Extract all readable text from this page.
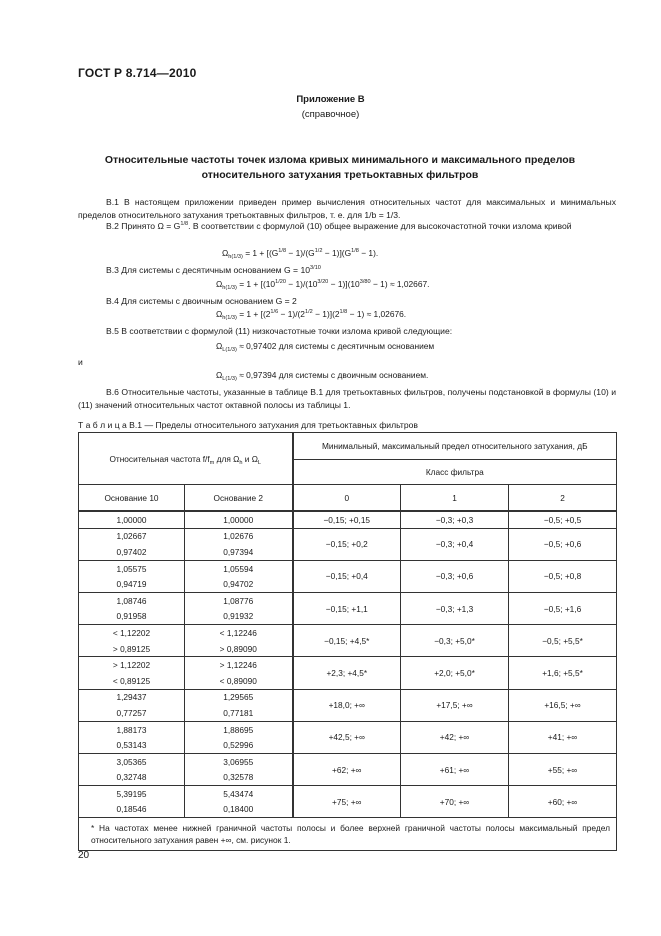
ГОСТ Р 8.714—2010
Приложение В
(справочное)
Относительные частоты точек излома кривых минимального и максимального пределов
относительного затухания третьоктавных фильтров
В.1 В настоящем приложении приведен пример вычисления относительных частот для максимальных и минимальных пределов относительного затухания третьоктавных фильтров, т. е. для 1/b = 1/3.
В.2 Принято $\Omega = G^{1/8}$. В соответствии с формулой (10) общее выражение для высокочастотной точки излома кривой
$\Omega_{h(1/3)} = 1 + [(G^{1/8} - 1)/(G^{1/2} - 1)](G^{1/8} - 1)$.
В.3 Для системы с десятичным основанием $G = 10^{3/10}$
$\Omega_{h(1/3)} = 1 + [(10^{1/20} - 1)/(10^{3/20} - 1)](10^{3/80} - 1) \approx 1,02667$.
В.4 Для системы с двоичным основанием G = 2
$\Omega_{h(1/3)} = 1 + [(2^{1/6} - 1)/(2^{1/2} - 1)](2^{1/8} - 1) \approx 1,02676$.
В.5 В соответствии с формулой (11) низкочастотные точки излома кривой следующие:
$\Omega_{L(1/3)} \approx 0,97402$ для системы с десятичным основанием
и
$\Omega_{L(1/3)} \approx 0,97394$ для системы с двоичным основанием.
В.6 Относительные частоты, указанные в таблице В.1 для третьоктавных фильтров, получены подстановкой в формулы (10) и (11) значений относительных частот октавной полосы из таблицы 1.
Т а б л и ц а В.1 — Пределы относительного затухания для третьоктавных фильтров
Относительная частота $f/f_m$ для $\Omega_h$ и $\Omega_L$		Минимальный, максимальный предел относительного затухания, дБ		
		Класс фильтра		
Основание 10	Основание 2	0	1	2
1,00000	1,00000	−0,15; +0,15	−0,3; +0,3	−0,5; +0,5
1,02667	1,02676	−0,15; +0,2	−0,3; +0,4	−0,5; +0,6
0,97402	0,97394			
1,05575	1,05594	−0,15; +0,4	−0,3; +0,6	−0,5; +0,8
0,94719	0,94702			
1,08746	1,08776	−0,15; +1,1	−0,3; +1,3	−0,5; +1,6
0,91958	0,91932			
< 1,12202	< 1,12246	−0,15; +4,5*	−0,3; +5,0*	−0,5; +5,5*
> 0,89125	> 0,89090			
> 1,12202	> 1,12246	+2,3; +4,5*	+2,0; +5,0*	+1,6; +5,5*
< 0,89125	< 0,89090			
1,29437	1,29565	+18,0; +∞	+17,5; +∞	+16,5; +∞
0,77257	0,77181			
1,88173	1,88695	+42,5; +∞	+42; +∞	+41; +∞
0,53143	0,52996			
3,05365	3,06955	+62; +∞	+61; +∞	+55; +∞
0,32748	0,32578			
5,39195	5,43474	+75; +∞	+70; +∞	+60; +∞
0,18546	0,18400			
* На частотах менее нижней граничной частоты полосы и более верхней граничной частоты полосы максимальный предел относительного затухания равен +∞, см. рисунок 1.				
20
